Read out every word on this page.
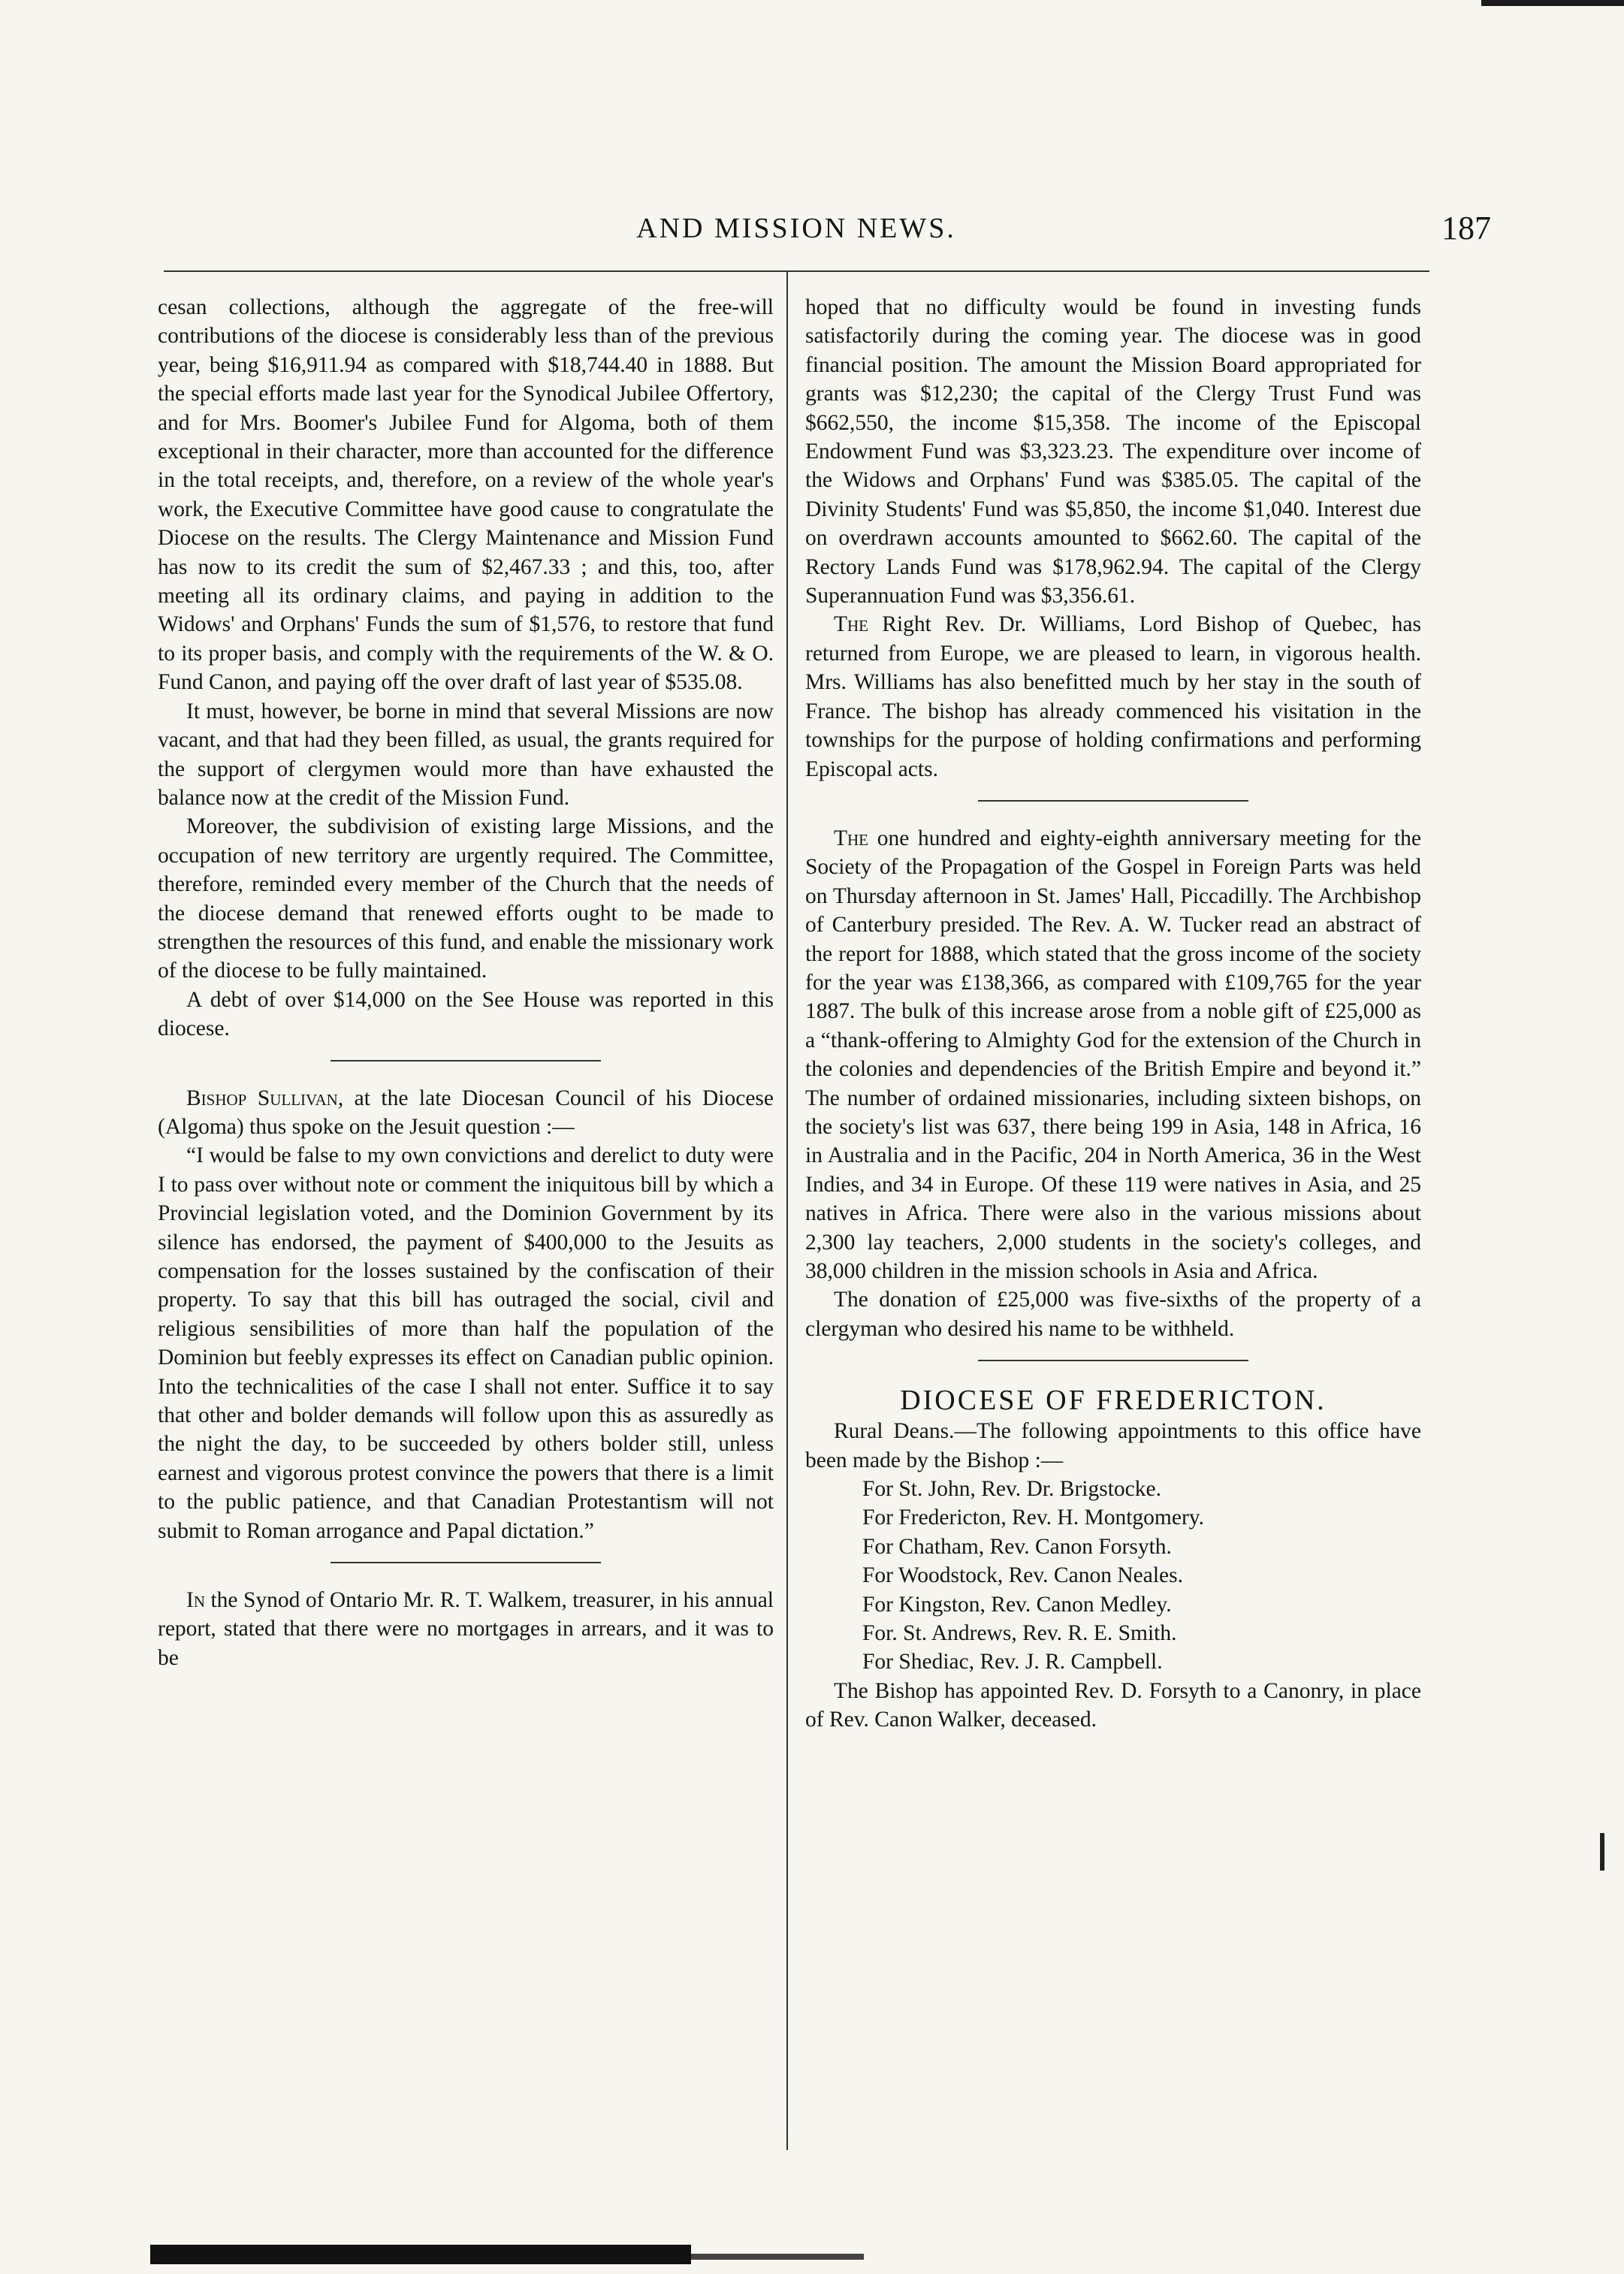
AND MISSION NEWS.	187

cesan collections, although the aggregate of the free-will contributions of the diocese is considerably less than of the previous year, being $16,911.94 as compared with $18,744.40 in 1888. But the special efforts made last year for the Synodical Jubilee Offertory, and for Mrs. Boomer's Jubilee Fund for Algoma, both of them exceptional in their character, more than accounted for the difference in the total receipts, and, therefore, on a review of the whole year's work, the Executive Committee have good cause to congratulate the Diocese on the results. The Clergy Maintenance and Mission Fund has now to its credit the sum of $2,467.33 ; and this, too, after meeting all its ordinary claims, and paying in addition to the Widows' and Orphans' Funds the sum of $1,576, to restore that fund to its proper basis, and comply with the requirements of the W. & O. Fund Canon, and paying off the over draft of last year of $535.08.

It must, however, be borne in mind that several Missions are now vacant, and that had they been filled, as usual, the grants required for the support of clergymen would more than have exhausted the balance now at the credit of the Mission Fund.

Moreover, the subdivision of existing large Missions, and the occupation of new territory are urgently required. The Committee, therefore, reminded every member of the Church that the needs of the diocese demand that renewed efforts ought to be made to strengthen the resources of this fund, and enable the missionary work of the diocese to be fully maintained.

A debt of over $14,000 on the See House was reported in this diocese.

Bishop Sullivan, at the late Diocesan Council of his Diocese (Algoma) thus spoke on the Jesuit question :—

“I would be false to my own convictions and derelict to duty were I to pass over without note or comment the iniquitous bill by which a Provincial legislation voted, and the Dominion Government by its silence has endorsed, the payment of $400,000 to the Jesuits as compensation for the losses sustained by the confiscation of their property. To say that this bill has outraged the social, civil and religious sensibilities of more than half the population of the Dominion but feebly expresses its effect on Canadian public opinion. Into the technicalities of the case I shall not enter. Suffice it to say that other and bolder demands will follow upon this as assuredly as the night the day, to be succeeded by others bolder still, unless earnest and vigorous protest convince the powers that there is a limit to the public patience, and that Canadian Protestantism will not submit to Roman arrogance and Papal dictation.”

In the Synod of Ontario Mr. R. T. Walkem, treasurer, in his annual report, stated that there were no mortgages in arrears, and it was to be

hoped that no difficulty would be found in investing funds satisfactorily during the coming year. The diocese was in good financial position. The amount the Mission Board appropriated for grants was $12,230; the capital of the Clergy Trust Fund was $662,550, the income $15,358. The income of the Episcopal Endowment Fund was $3,323.23. The expenditure over income of the Widows and Orphans' Fund was $385.05. The capital of the Divinity Students' Fund was $5,850, the income $1,040. Interest due on overdrawn accounts amounted to $662.60. The capital of the Rectory Lands Fund was $178,962.94. The capital of the Clergy Superannuation Fund was $3,356.61.

The Right Rev. Dr. Williams, Lord Bishop of Quebec, has returned from Europe, we are pleased to learn, in vigorous health. Mrs. Williams has also benefitted much by her stay in the south of France. The bishop has already commenced his visitation in the townships for the purpose of holding confirmations and performing Episcopal acts.

The one hundred and eighty-eighth anniversary meeting for the Society of the Propagation of the Gospel in Foreign Parts was held on Thursday afternoon in St. James' Hall, Piccadilly. The Archbishop of Canterbury presided. The Rev. A. W. Tucker read an abstract of the report for 1888, which stated that the gross income of the society for the year was £138,366, as compared with £109,765 for the year 1887. The bulk of this increase arose from a noble gift of £25,000 as a “thank-offering to Almighty God for the extension of the Church in the colonies and dependencies of the British Empire and beyond it.” The number of ordained missionaries, including sixteen bishops, on the society's list was 637, there being 199 in Asia, 148 in Africa, 16 in Australia and in the Pacific, 204 in North America, 36 in the West Indies, and 34 in Europe. Of these 119 were natives in Asia, and 25 natives in Africa. There were also in the various missions about 2,300 lay teachers, 2,000 students in the society's colleges, and 38,000 children in the mission schools in Asia and Africa.

The donation of £25,000 was five-sixths of the property of a clergyman who desired his name to be withheld.

DIOCESE OF FREDERICTON.

Rural Deans.—The following appointments to this office have been made by the Bishop :—

For St. John, Rev. Dr. Brigstocke.

For Fredericton, Rev. H. Montgomery.

For Chatham, Rev. Canon Forsyth.

For Woodstock, Rev. Canon Neales.

For Kingston, Rev. Canon Medley.

For. St. Andrews, Rev. R. E. Smith.

For Shediac, Rev. J. R. Campbell.

The Bishop has appointed Rev. D. Forsyth to a Canonry, in place of Rev. Canon Walker, deceased.
